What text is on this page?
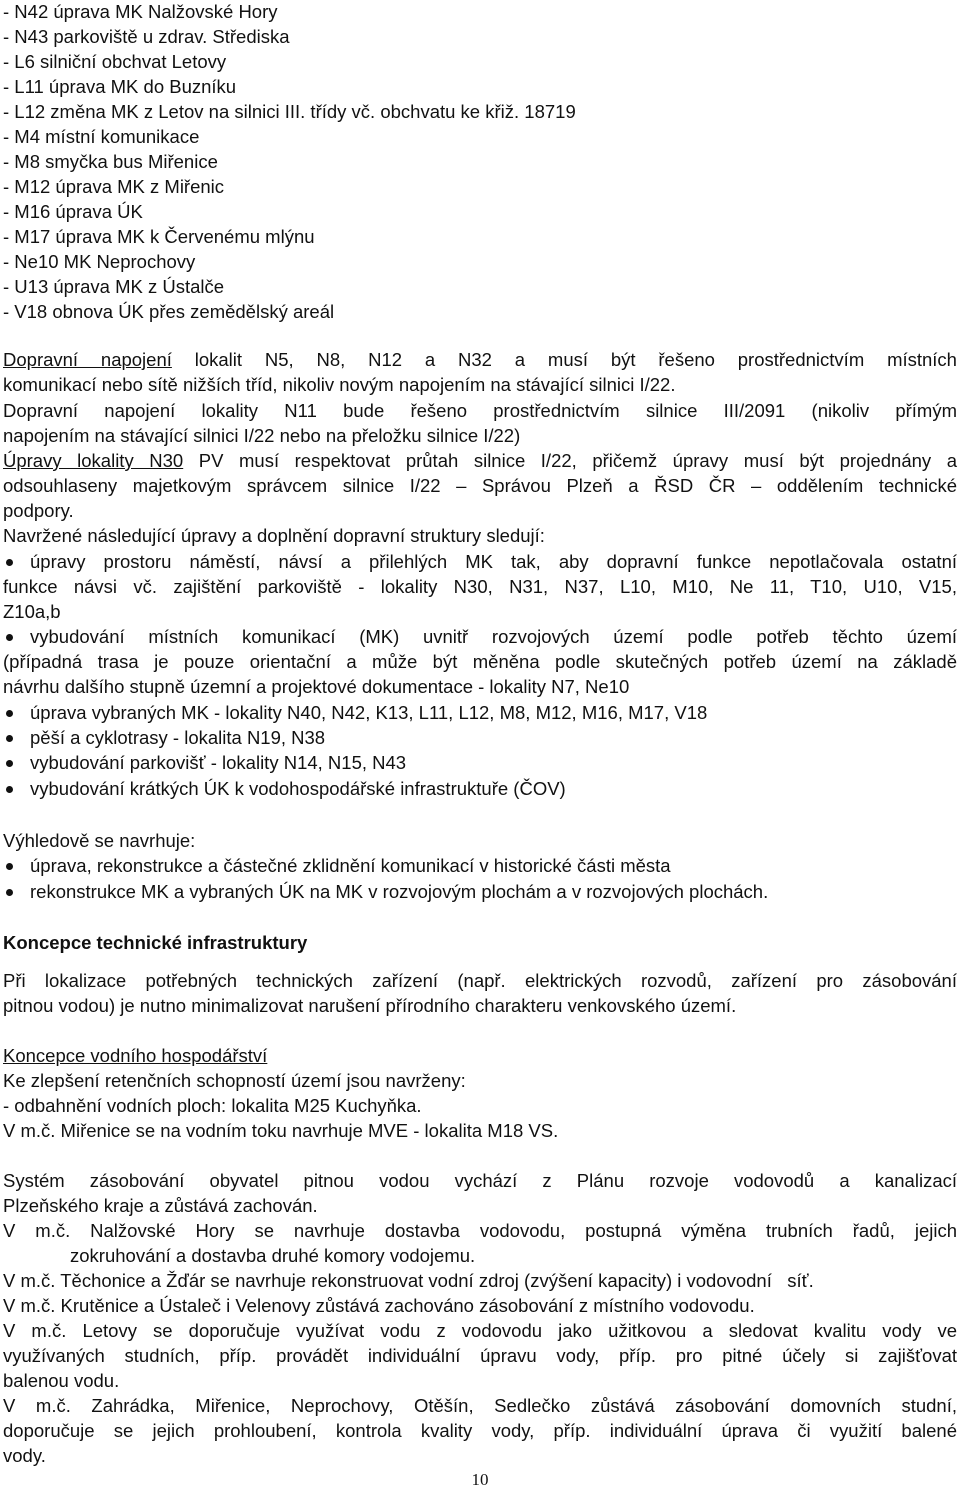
- N42 úprava MK Nalžovské Hory
- N43 parkoviště u zdrav. Střediska
- L6 silniční obchvat Letovy
- L11 úprava MK do Buzníku
- L12 změna MK z Letov na silnici III. třídy vč. obchvatu ke křiž. 18719
- M4 místní komunikace
- M8 smyčka bus Miřenice
- M12 úprava MK z Miřenic
- M16 úprava ÚK
- M17 úprava MK k Červenému mlýnu
- Ne10 MK Neprochovy
- U13 úprava MK z Ústalče
- V18 obnova ÚK přes zemědělský areál
Dopravní napojení lokalit N5, N8, N12 a N32 a musí být řešeno prostřednictvím místních
komunikací nebo sítě nižších tříd, nikoliv novým napojením na stávající silnici I/22.
Dopravní napojení lokality N11 bude řešeno prostřednictvím silnice III/2091 (nikoliv přímým
napojením na stávající silnici I/22 nebo na přeložku silnice I/22)
Úpravy lokality N30 PV musí respektovat průtah silnice I/22, přičemž úpravy musí být projednány a
odsouhlaseny majetkovým správcem silnice I/22 – Správou Plzeň a ŘSD ČR – oddělením technické
podpory.
Navržené následující úpravy a doplnění dopravní struktury sledují:
úpravy prostoru náměstí, návsí a přilehlých MK tak, aby dopravní funkce nepotlačovala ostatní
funkce návsi vč. zajištění parkoviště - lokality N30, N31, N37, L10, M10, Ne 11, T10, U10, V15,
Z10a,b
vybudování místních komunikací (MK) uvnitř rozvojových území podle potřeb těchto území
(případná trasa je pouze orientační a může být měněna podle skutečných potřeb území na základě
návrhu dalšího stupně územní a projektové dokumentace - lokality N7, Ne10
úprava vybraných MK - lokality N40, N42, K13, L11, L12, M8, M12, M16, M17, V18
pěší a cyklotrasy - lokalita N19, N38
vybudování parkovišť - lokality N14, N15, N43
vybudování krátkých ÚK k vodohospodářské infrastruktuře (ČOV)
Výhledově se navrhuje:
úprava, rekonstrukce a částečné zklidnění komunikací v historické části města
rekonstrukce MK a vybraných ÚK na MK v rozvojovým plochám a v rozvojových plochách.
Koncepce technické infrastruktury
Při lokalizace potřebných technických zařízení (např. elektrických rozvodů, zařízení pro zásobování
pitnou vodou) je nutno minimalizovat narušení přírodního charakteru venkovského území.
Koncepce vodního hospodářství
Ke zlepšení retenčních schopností území jsou navrženy:
- odbahnění vodních ploch: lokalita M25 Kuchyňka.
V m.č. Miřenice se na vodním toku navrhuje MVE - lokalita M18 VS.
Systém zásobování obyvatel pitnou vodou vychází z Plánu rozvoje vodovodů a kanalizací
Plzeňského kraje a zůstává zachován.
V m.č. Nalžovské Hory se navrhuje dostavba vodovodu, postupná výměna trubních řadů, jejich
zokruhování a dostavba druhé komory vodojemu.
V m.č. Těchonice a Žďár se navrhuje rekonstruovat vodní zdroj (zvýšení kapacity) i vodovodní   síť.
V m.č. Krutěnice a Ústaleč i Velenovy zůstává zachováno zásobování z místního vodovodu.
V m.č. Letovy se doporučuje využívat vodu z vodovodu jako užitkovou a sledovat kvalitu vody ve
využívaných studních, příp. provádět individuální úpravu vody, příp. pro pitné účely si zajišťovat
balenou vodu.
V m.č. Zahrádka, Miřenice, Neprochovy, Otěšín, Sedlečko zůstává zásobování domovních studní,
doporučuje se jejich prohloubení, kontrola kvality vody, příp. individuální úprava či využití balené
vody.
10
